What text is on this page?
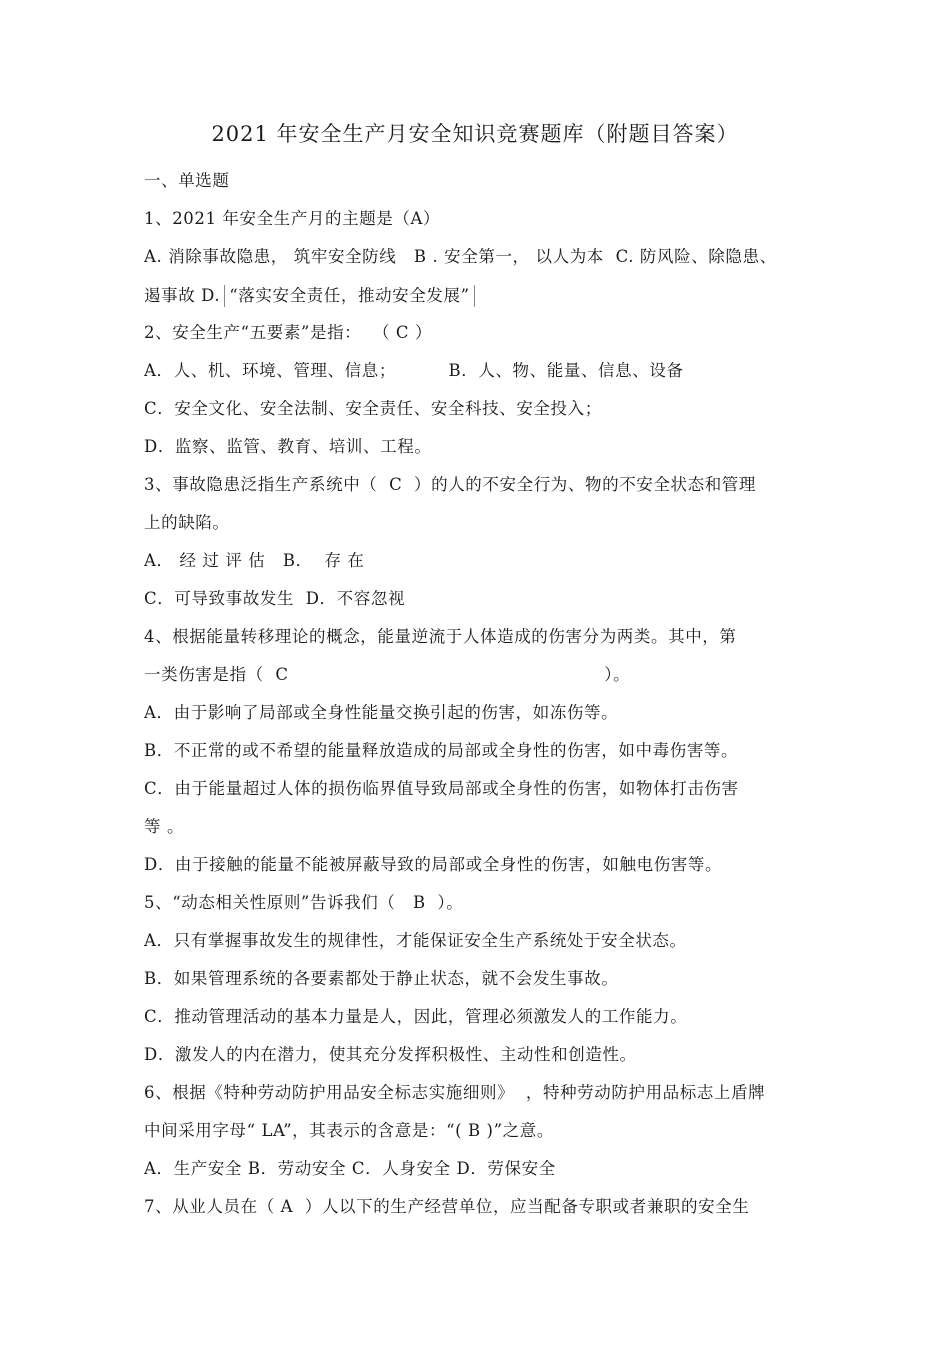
2021 年安全生产月安全知识竞赛题库（附题目答案）
一、单选题
1、2021 年安全生产月的主题是（A）
A. 消除事故隐患， 筑牢安全防线   B . 安全第一， 以人为本  C. 防风险、除隐患、
遏事故 D. “落实安全责任，推动安全发展”
2、安全生产“五要素”是指：  （ C ）
A．人、机、环境、管理、信息；         B．人、物、能量、信息、设备
C．安全文化、安全法制、安全责任、安全科技、安全投入；
D．监察、监管、教育、培训、工程。
3、事故隐患泛指生产系统中（  C  ）的人的不安全行为、物的不安全状态和管理
上的缺陷。
A． 经 过 评 估   B．  存 在
C．可导致事故发生  D．不容忽视
4、根据能量转移理论的概念，能量逆流于人体造成的伤害分为两类。其中，第
一类伤害是指（  C                                                      ）。
A．由于影响了局部或全身性能量交换引起的伤害，如冻伤等。
B．不正常的或不希望的能量释放造成的局部或全身性的伤害，如中毒伤害等。
C．由于能量超过人体的损伤临界值导致局部或全身性的伤害，如物体打击伤害
等 。
D．由于接触的能量不能被屏蔽导致的局部或全身性的伤害，如触电伤害等。
5、“动态相关性原则”告诉我们（   B  ）。
A．只有掌握事故发生的规律性，才能保证安全生产系统处于安全状态。
B．如果管理系统的各要素都处于静止状态，就不会发生事故。
C．推动管理活动的基本力量是人，因此，管理必须激发人的工作能力。
D．激发人的内在潜力，使其充分发挥积极性、主动性和创造性。
6、根据《特种劳动防护用品安全标志实施细则》  ，特种劳动防护用品标志上盾牌
中间采用字母“ LA”，其表示的含意是：“( B )”之意。
A．生产安全 B．劳动安全 C．人身安全 D．劳保安全
7、从业人员在（ A  ）人以下的生产经营单位，应当配备专职或者兼职的安全生
